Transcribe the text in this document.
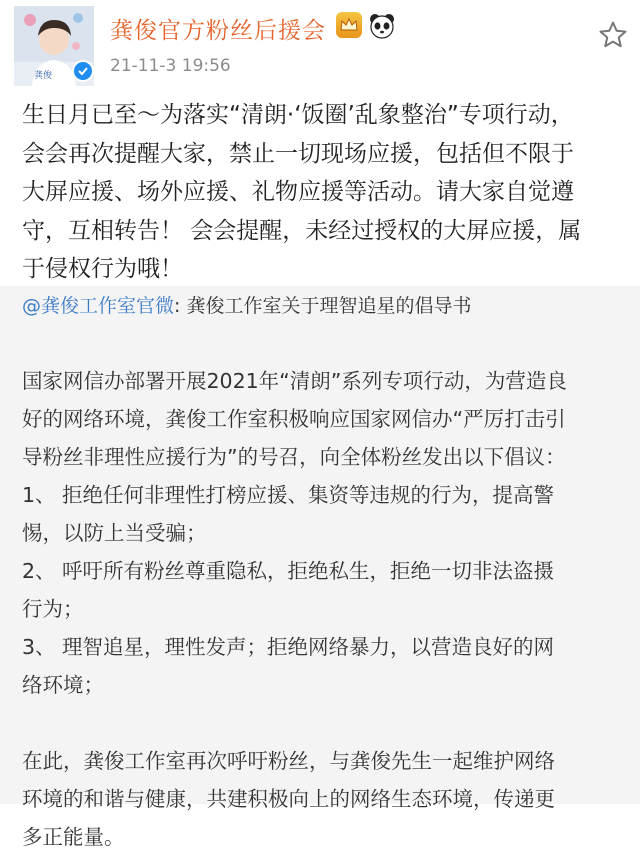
龚俊
龚俊官方粉丝后援会
21-11-3 19:56

生日月已至～为落实“清朗·‘饭圈’乱象整治”专项行动，

会会再次提醒大家，禁止一切现场应援，包括但不限于

大屏应援、场外应援、礼物应援等活动。请大家自觉遵

守，互相转告！ 会会提醒，未经过授权的大屏应援，属

于侵权行为哦！

@龚俊工作室官微: 龚俊工作室关于理智追星的倡导书
国家网信办部署开展2021年“清朗”系列专项行动，为营造良
好的网络环境，龚俊工作室积极响应国家网信办“严厉打击引
导粉丝非理性应援行为”的号召，向全体粉丝发出以下倡议：
1、 拒绝任何非理性打榜应援、集资等违规的行为，提高警
惕，以防上当受骗；
2、 呼吁所有粉丝尊重隐私，拒绝私生，拒绝一切非法盗摄
行为；
3、 理智追星，理性发声；拒绝网络暴力，以营造良好的网
络环境；
在此，龚俊工作室再次呼吁粉丝，与龚俊先生一起维护网络
环境的和谐与健康，共建积极向上的网络生态环境，传递更
多正能量。
